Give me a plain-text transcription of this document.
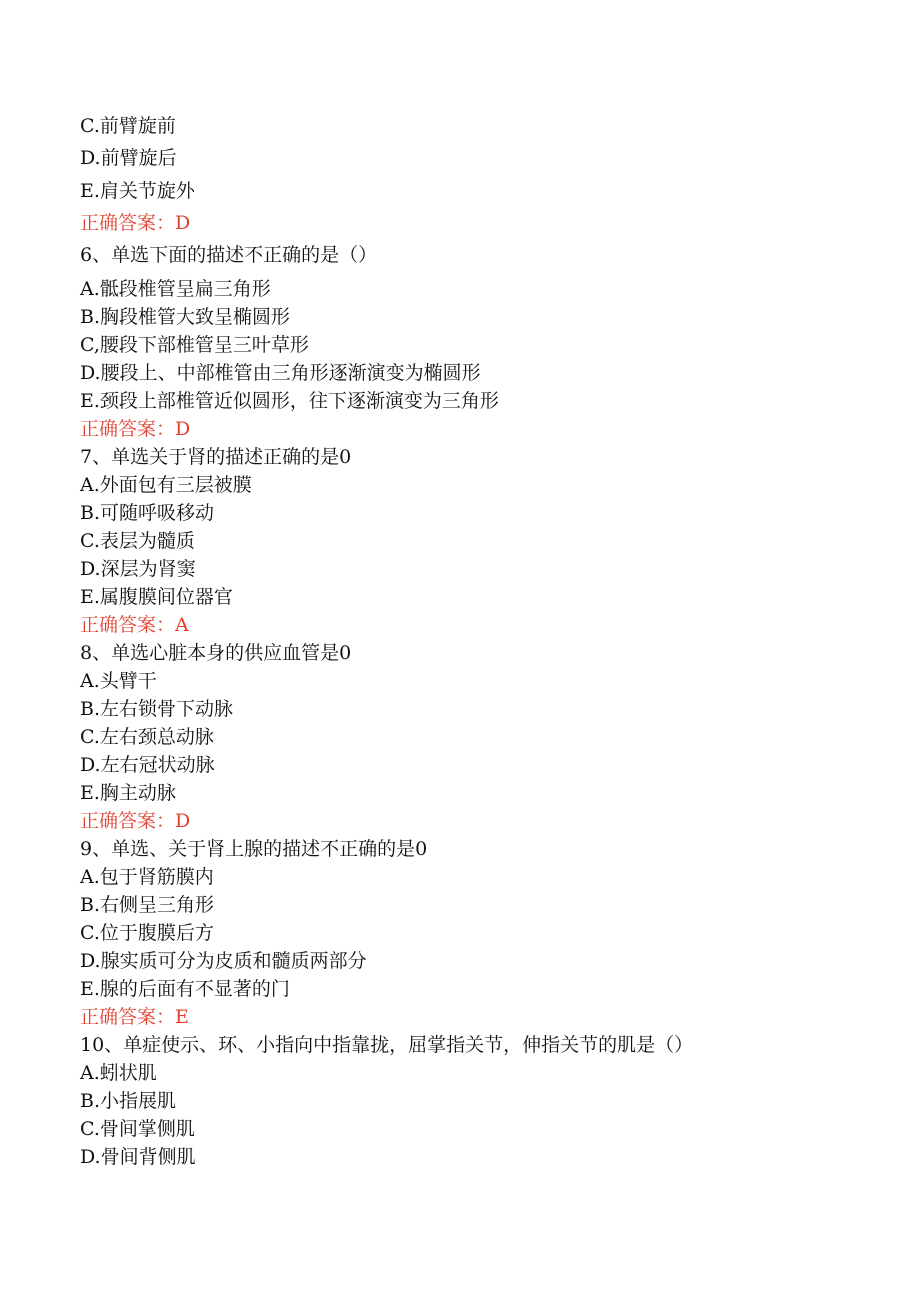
C.前臂旋前
D.前臂旋后
E.肩关节旋外
正确答案：D
6、单选下面的描述不正确的是（）
A.骶段椎管呈扁三角形
B.胸段椎管大致呈椭圆形
C,腰段下部椎管呈三叶草形
D.腰段上、中部椎管由三角形逐渐演变为椭圆形
E.颈段上部椎管近似圆形，往下逐渐演变为三角形
正确答案：D
7、单选关于肾的描述正确的是0
A.外面包有三层被膜
B.可随呼吸移动
C.表层为髓质
D.深层为肾窦
E.属腹膜间位器官
正确答案：A
8、单选心脏本身的供应血管是0
A.头臂干
B.左右锁骨下动脉
C.左右颈总动脉
D.左右冠状动脉
E.胸主动脉
正确答案：D
9、单选、关于肾上腺的描述不正确的是0
A.包于肾筋膜内
B.右侧呈三角形
C.位于腹膜后方
D.腺实质可分为皮质和髓质两部分
E.腺的后面有不显著的门
正确答案：E
10、单症使示、环、小指向中指靠拢，屈掌指关节，伸指关节的肌是（）
A.蚓状肌
B.小指展肌
C.骨间掌侧肌
D.骨间背侧肌
